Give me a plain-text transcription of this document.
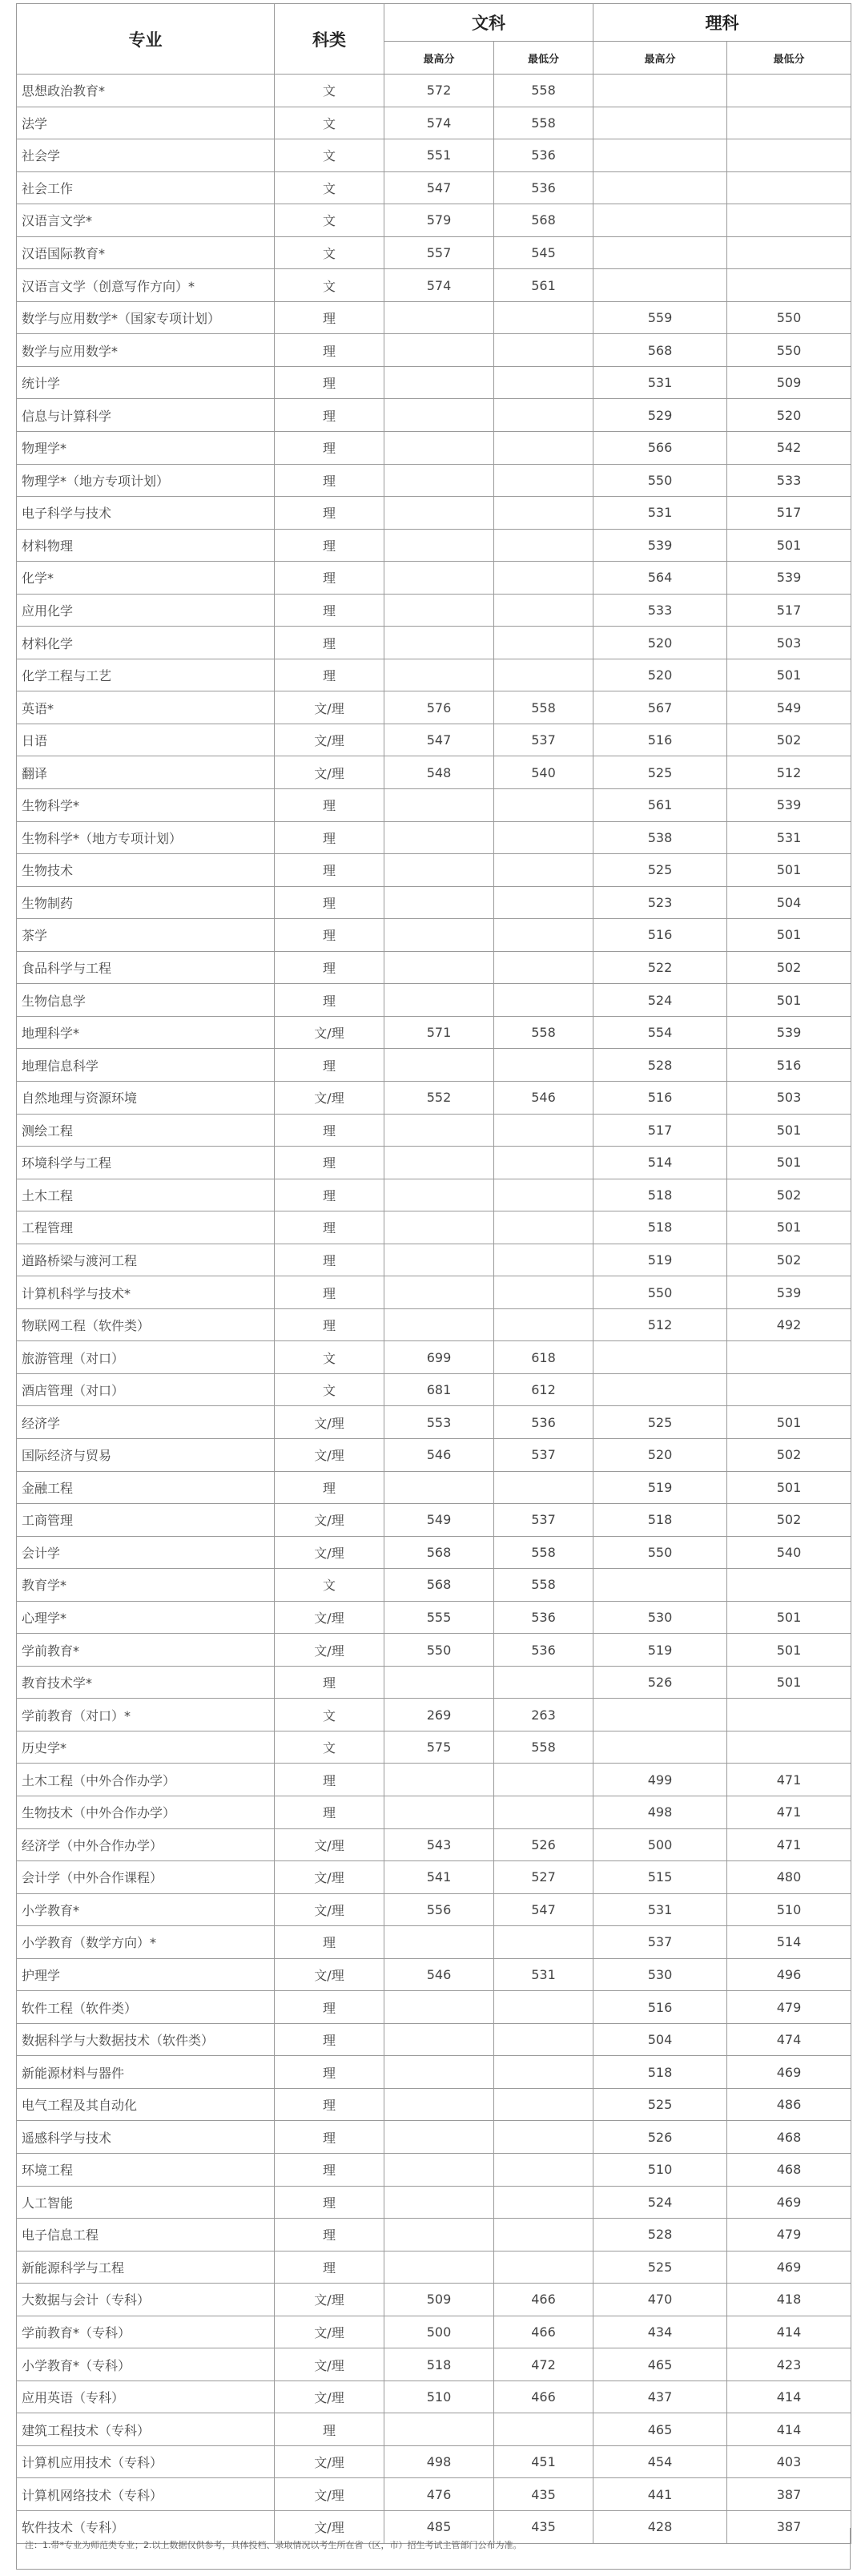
专业	科类	文科		理科	
		最高分	最低分	最高分	最低分
思想政治教育*	文	572	558		
法学	文	574	558		
社会学	文	551	536		
社会工作	文	547	536		
汉语言文学*	文	579	568		
汉语国际教育*	文	557	545		
汉语言文学（创意写作方向）*	文	574	561		
数学与应用数学*（国家专项计划）	理			559	550
数学与应用数学*	理			568	550
统计学	理			531	509
信息与计算科学	理			529	520
物理学*	理			566	542
物理学*（地方专项计划）	理			550	533
电子科学与技术	理			531	517
材料物理	理			539	501
化学*	理			564	539
应用化学	理			533	517
材料化学	理			520	503
化学工程与工艺	理			520	501
英语*	文/理	576	558	567	549
日语	文/理	547	537	516	502
翻译	文/理	548	540	525	512
生物科学*	理			561	539
生物科学*（地方专项计划）	理			538	531
生物技术	理			525	501
生物制药	理			523	504
茶学	理			516	501
食品科学与工程	理			522	502
生物信息学	理			524	501
地理科学*	文/理	571	558	554	539
地理信息科学	理			528	516
自然地理与资源环境	文/理	552	546	516	503
测绘工程	理			517	501
环境科学与工程	理			514	501
土木工程	理			518	502
工程管理	理			518	501
道路桥梁与渡河工程	理			519	502
计算机科学与技术*	理			550	539
物联网工程（软件类）	理			512	492
旅游管理（对口）	文	699	618		
酒店管理（对口）	文	681	612		
经济学	文/理	553	536	525	501
国际经济与贸易	文/理	546	537	520	502
金融工程	理			519	501
工商管理	文/理	549	537	518	502
会计学	文/理	568	558	550	540
教育学*	文	568	558		
心理学*	文/理	555	536	530	501
学前教育*	文/理	550	536	519	501
教育技术学*	理			526	501
学前教育（对口）*	文	269	263		
历史学*	文	575	558		
土木工程（中外合作办学）	理			499	471
生物技术（中外合作办学）	理			498	471
经济学（中外合作办学）	文/理	543	526	500	471
会计学（中外合作课程）	文/理	541	527	515	480
小学教育*	文/理	556	547	531	510
小学教育（数学方向）*	理			537	514
护理学	文/理	546	531	530	496
软件工程（软件类）	理			516	479
数据科学与大数据技术（软件类）	理			504	474
新能源材料与器件	理			518	469
电气工程及其自动化	理			525	486
遥感科学与技术	理			526	468
环境工程	理			510	468
人工智能	理			524	469
电子信息工程	理			528	479
新能源科学与工程	理			525	469
大数据与会计（专科）	文/理	509	466	470	418
学前教育*（专科）	文/理	500	466	434	414
小学教育*（专科）	文/理	518	472	465	423
应用英语（专科）	文/理	510	466	437	414
建筑工程技术（专科）	理			465	414
计算机应用技术（专科）	文/理	498	451	454	403
计算机网络技术（专科）	文/理	476	435	441	387
软件技术（专科）	文/理	485	435	428	387
注：1.带*专业为师范类专业；2.以上数据仅供参考，具体投档、录取情况以考生所在省（区，市）招生考试主管部门公布为准。
